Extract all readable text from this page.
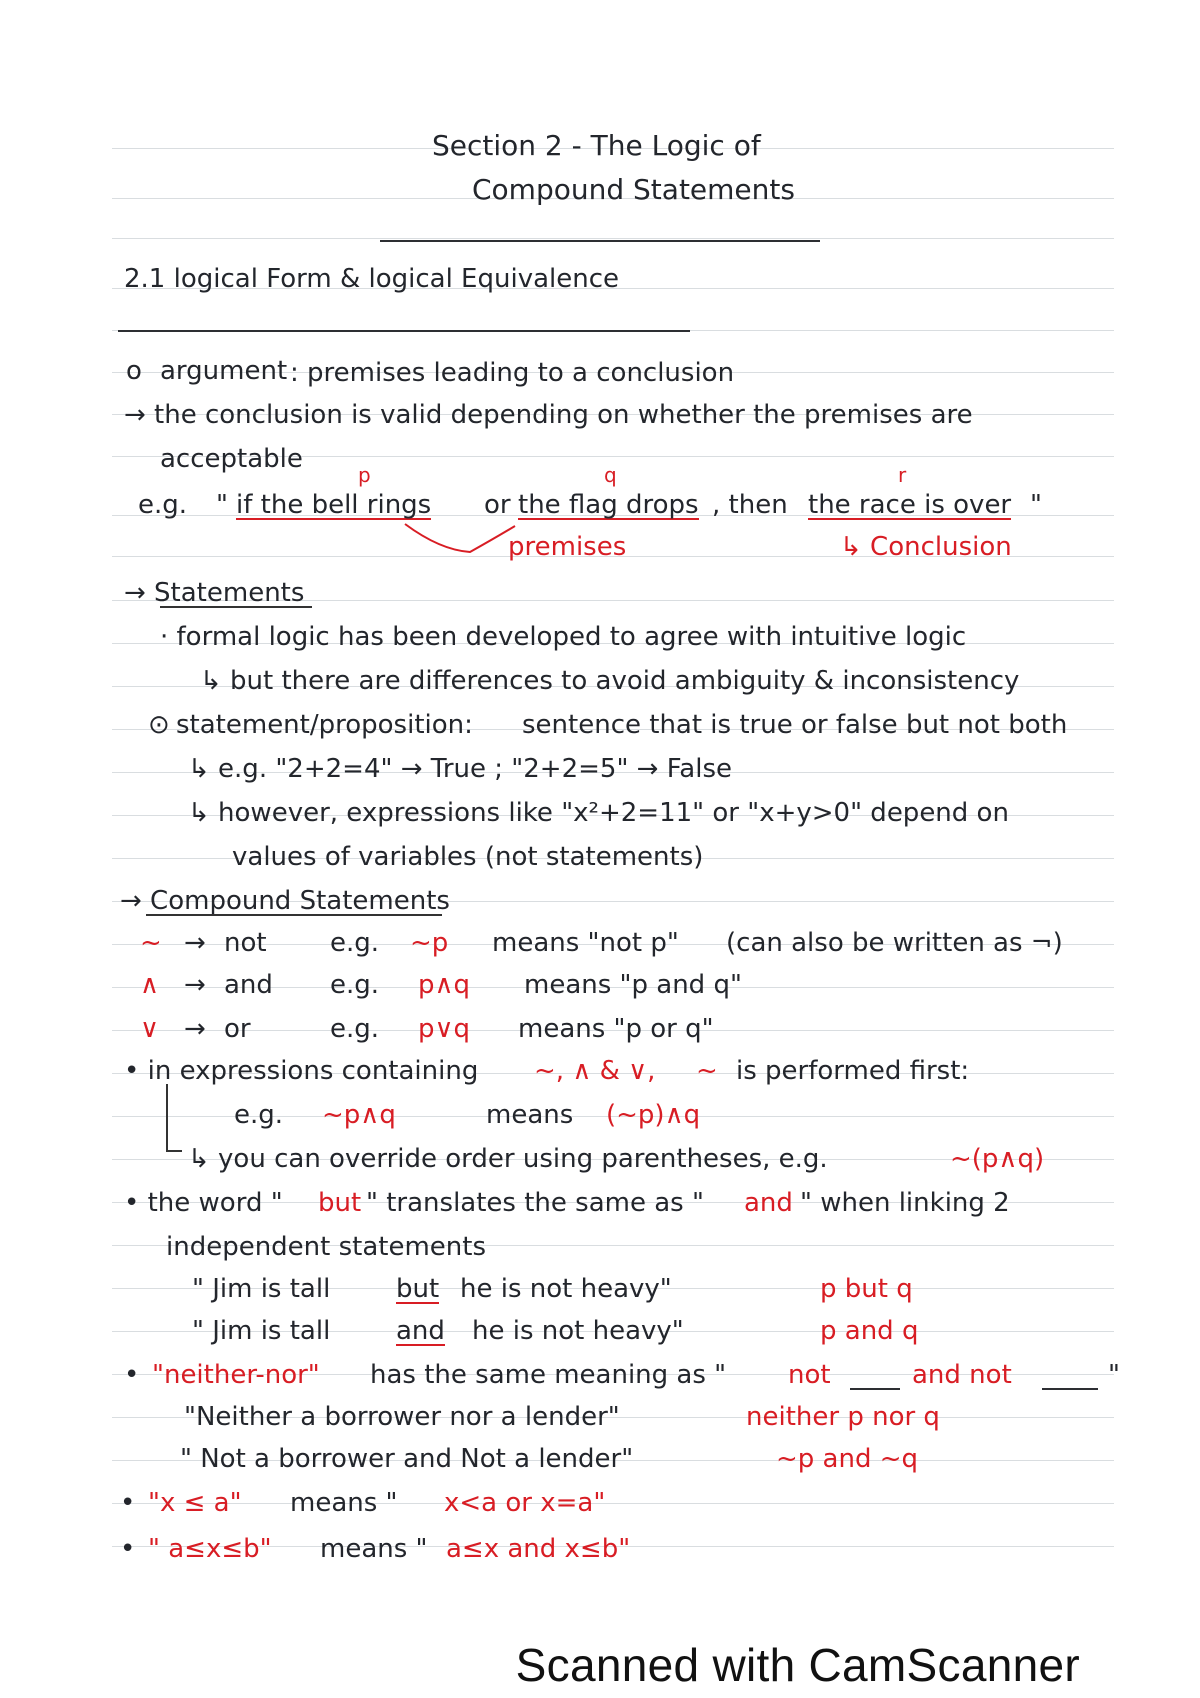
Section 2 - The Logic of
Compound Statements
2.1 logical Form & logical Equivalence
o argument : premises leading to a conclusion
→ the conclusion is valid depending on whether the premises are
acceptable
p	q	r
e.g. " if the bell rings or the flag drops , then the race is over "
premises	↳ Conclusion
→ Statements
· formal logic has been developed to agree with intuitive logic
↳ but there are differences to avoid ambiguity & inconsistency
⊙ statement/proposition: sentence that is true or false but not both
↳ e.g. "2+2=4" → True ; "2+2=5" → False
↳ however, expressions like "x²+2=11" or "x+y>0" depend on
values of variables (not statements)
→ Compound Statements
~ → not e.g. ~p means "not p" (can also be written as ¬)
∧ → and e.g. p∧q means "p and q"
∨ → or	e.g. p∨q means "p or q"
• in expressions containing ~, ∧ & ∨, ~ is performed first:
e.g. ~p∧q	means (~p)∧q
↳ you can override order using parentheses, e.g.	~(p∧q)
• the word " but " translates the same as " and " when linking 2
independent statements
" Jim is tall	but he is not heavy"	p but q
" Jim is tall	and he is not heavy"	p and q
• "neither-nor" has the same meaning as " not	and not	"
"Neither a borrower nor a lender"	neither p nor q
" Not a borrower and Not a lender"	~p and ~q
• "x ≤ a" means " x<a or x=a"
• " a≤x≤b" means " a≤x and x≤b"
Scanned with CamScanner
